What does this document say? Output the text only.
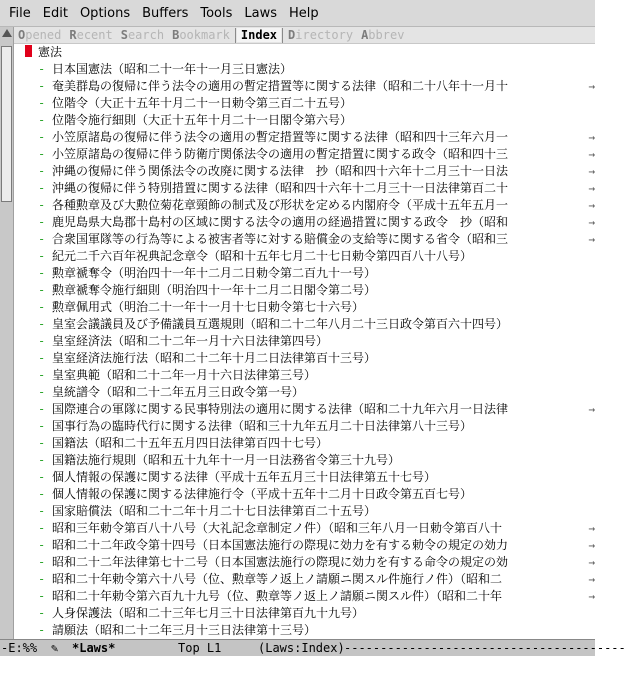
File Edit Options Buffers Tools Laws Help
Opened Recent Search Bookmark Index Directory Abbrev
憲法
- 日本国憲法（昭和二十一年十一月三日憲法）
- 奄美群島の復帰に伴う法令の適用の暫定措置等に関する法律（昭和二十八年十一月十	→
- 位階令（大正十五年十月二十一日勅令第三百二十五号）
- 位階令施行細則（大正十五年十月二十一日閣令第六号）
- 小笠原諸島の復帰に伴う法令の適用の暫定措置等に関する法律（昭和四十三年六月一	→
- 小笠原諸島の復帰に伴う防衛庁関係法令の適用の暫定措置に関する政令（昭和四十三	→
- 沖縄の復帰に伴う関係法令の改廃に関する法律　抄（昭和四十六年十二月三十一日法	→
- 沖縄の復帰に伴う特別措置に関する法律（昭和四十六年十二月三十一日法律第百二十	→
- 各種勲章及び大勲位菊花章頸飾の制式及び形状を定める内閣府令（平成十五年五月一	→
- 鹿児島県大島郡十島村の区域に関する法令の適用の経過措置に関する政令　抄（昭和	→
- 合衆国軍隊等の行為等による被害者等に対する賠償金の支給等に関する省令（昭和三	→
- 紀元二千六百年祝典記念章令（昭和十五年七月二十七日勅令第四百八十八号）
- 勲章褫奪令（明治四十一年十二月二日勅令第二百九十一号）
- 勲章褫奪令施行細則（明治四十一年十二月二日閣令第二号）
- 勲章佩用式（明治二十一年十一月十七日勅令第七十六号）
- 皇室会議議員及び予備議員互選規則（昭和二十二年八月二十三日政令第百六十四号）
- 皇室経済法（昭和二十二年一月十六日法律第四号）
- 皇室経済法施行法（昭和二十二年十月二日法律第百十三号）
- 皇室典範（昭和二十二年一月十六日法律第三号）
- 皇統譜令（昭和二十二年五月三日政令第一号）
- 国際連合の軍隊に関する民事特別法の適用に関する法律（昭和二十九年六月一日法律	→
- 国事行為の臨時代行に関する法律（昭和三十九年五月二十日法律第八十三号）
- 国籍法（昭和二十五年五月四日法律第百四十七号）
- 国籍法施行規則（昭和五十九年十一月一日法務省令第三十九号）
- 個人情報の保護に関する法律（平成十五年五月三十日法律第五十七号）
- 個人情報の保護に関する法律施行令（平成十五年十二月十日政令第五百七号）
- 国家賠償法（昭和二十二年十月二十七日法律第百二十五号）
- 昭和三年勅令第百八十八号（大礼記念章制定ノ件）（昭和三年八月一日勅令第百八十	→
- 昭和二十二年政令第十四号（日本国憲法施行の際現に効力を有する勅令の規定の効力	→
- 昭和二十二年法律第七十二号（日本国憲法施行の際現に効力を有する命令の規定の効	→
- 昭和二十年勅令第六十八号（位、勲章等ノ返上ノ請願ニ関スル件施行ノ件）（昭和二	→
- 昭和二十年勅令第六百九十九号（位、勲章等ノ返上ノ請願ニ関スル件）（昭和二十年	→
- 人身保護法（昭和二十三年七月三十日法律第百九十九号）
- 請願法（昭和二十二年三月十三日法律第十三号）
-E:%% ✎ *Laws*	Top L1	(Laws:Index) ---------------------------------------
